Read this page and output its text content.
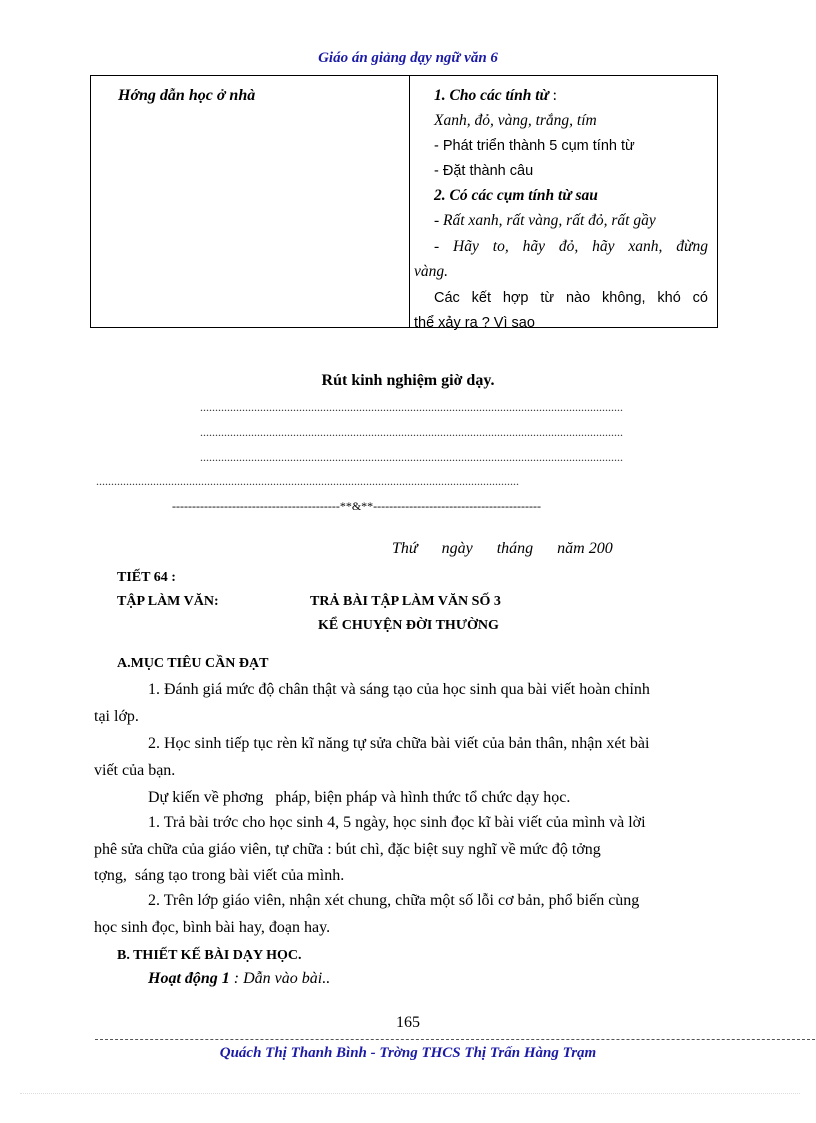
Giáo án giảng dạy ngữ văn 6
Hớng dẫn học ở nhà	1. Cho các tính từ :
Xanh, đỏ, vàng, trắng, tím
- Phát triển thành 5 cụm tính từ
- Đặt thành câu
2. Có các cụm tính từ sau
- Rất xanh, rất vàng, rất đỏ, rất gầy
- Hãy to, hãy đỏ, hãy xanh, đừng
vàng.
Các kết hợp từ nào không, khó có
thể xảy ra ? Vì sao
Rút kinh nghiệm giờ dạy.
.............................................................................................................................................
.............................................................................................................................................
.............................................................................................................................................
.............................................................................................................................................
------------------------------------------**&**------------------------------------------
Thứ      ngày      tháng      năm 200
TIẾT 64 :
TẬP LÀM VĂN:	TRẢ BÀI TẬP LÀM VĂN SỐ 3
KỂ CHUYỆN ĐỜI THƯỜNG
A.MỤC TIÊU CẦN ĐẠT
1. Đánh giá mức độ chân thật và sáng tạo của học sinh qua bài viết hoàn chỉnh
tại lớp.
2. Học sinh tiếp tục rèn kĩ năng tự sửa chữa bài viết của bản thân, nhận xét bài
viết của bạn.
Dự kiến về phơng   pháp, biện pháp và hình thức tổ chức dạy học.
1. Trả bài trớc cho học sinh 4, 5 ngày, học sinh đọc kĩ bài viết của mình và lời
phê sửa chữa của giáo viên, tự chữa : bút chì, đặc biệt suy nghĩ về mức độ tởng
tợng,  sáng tạo trong bài viết của mình.
2. Trên lớp giáo viên, nhận xét chung, chữa một số lỗi cơ bản, phổ biến cùng
học sinh đọc, bình bài hay, đoạn hay.
B. THIẾT KẾ BÀI DẠY HỌC.
Hoạt động 1 : Dẫn vào bài..
165
Quách Thị Thanh Bình - Trờng THCS Thị Trấn Hàng Trạm
